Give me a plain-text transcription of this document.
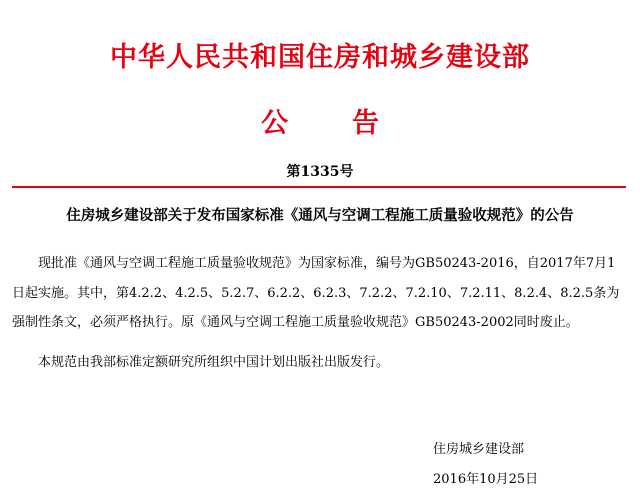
中华人民共和国住房和城乡建设部
公 告
第1335号
住房城乡建设部关于发布国家标准《通风与空调工程施工质量验收规范》的公告

现批准《通风与空调工程施工质量验收规范》为国家标准，编号为GB50243-2016，自2017年7月1日起实施。其中，第4.2.2、4.2.5、5.2.7、6.2.2、6.2.3、7.2.2、7.2.10、7.2.11、8.2.4、8.2.5条为强制性条文，必须严格执行。原《通风与空调工程施工质量验收规范》GB50243-2002同时废止。

本规范由我部标准定额研究所组织中国计划出版社出版发行。

住房城乡建设部
2016年10月25日
